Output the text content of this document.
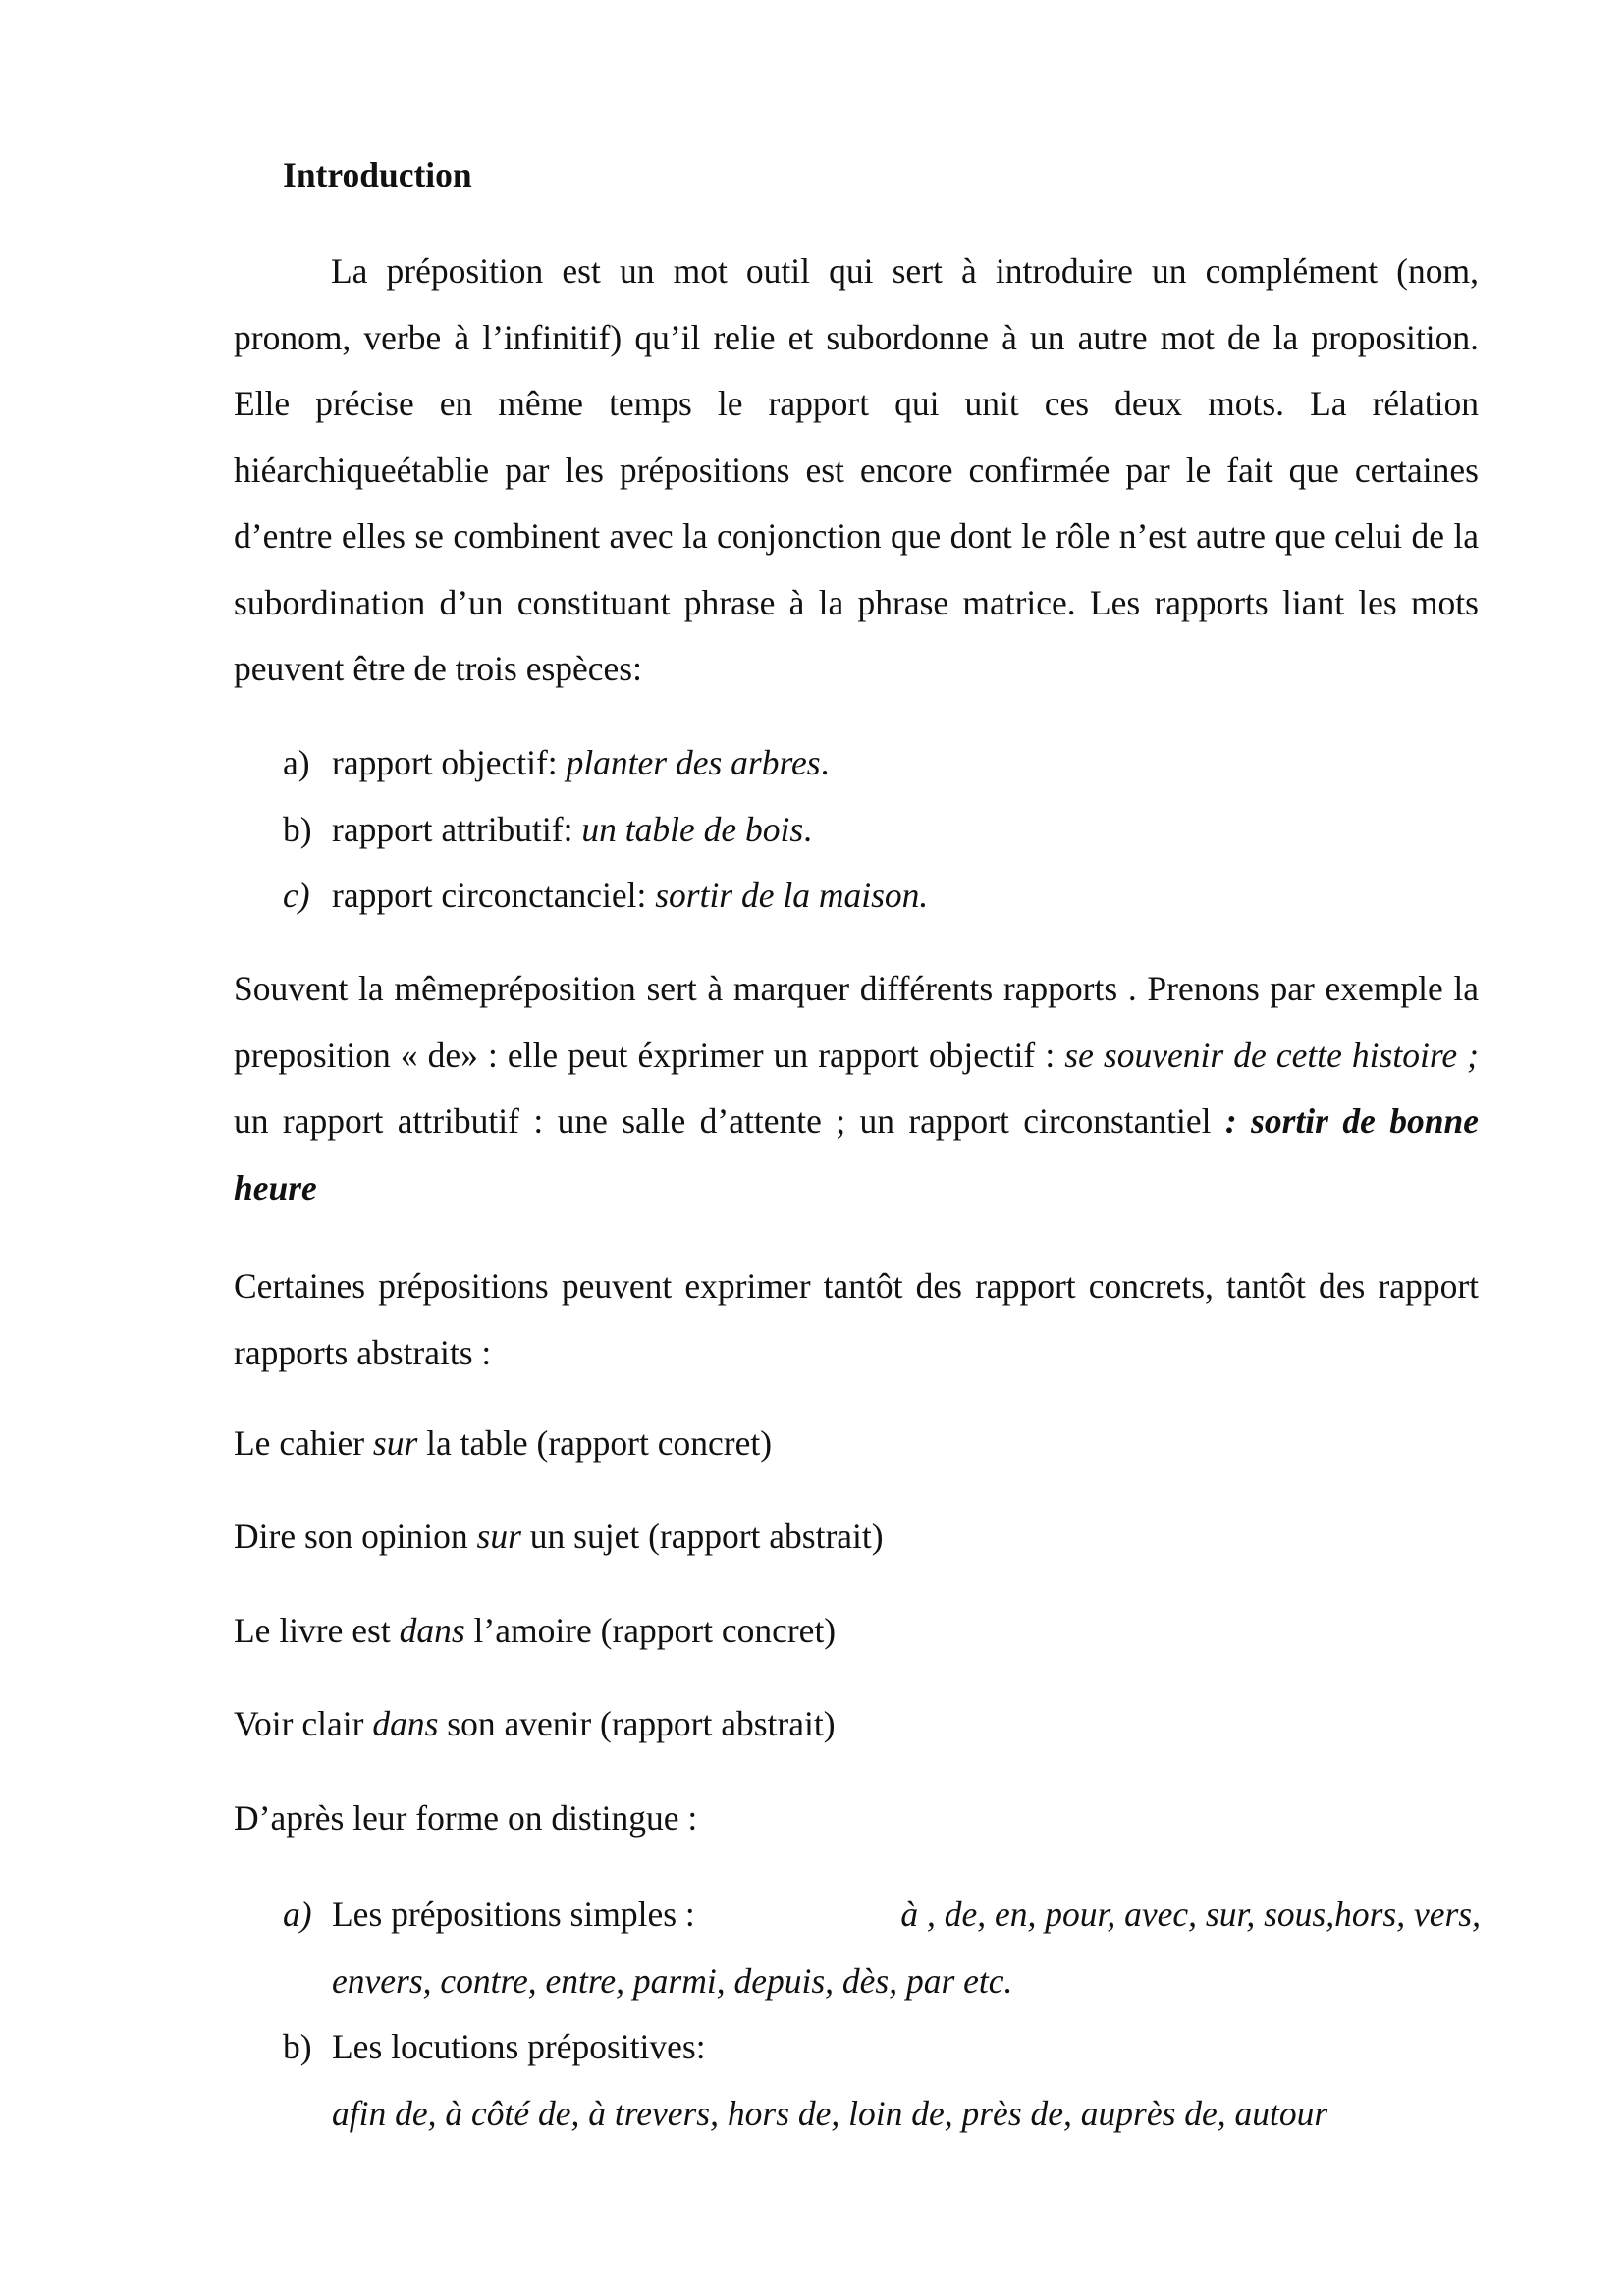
Introduction

La préposition est un mot outil qui sert à introduire un complément (nom, pronom, verbe à l’infinitif) qu’il relie et subordonne à un autre mot de la proposition. Elle précise en même temps le rapport qui unit ces deux mots. La rélation hiéarchiqueétablie par les prépositions est encore confirmée par le fait que certaines d’entre elles se combinent avec la conjonction que dont le rôle n’est autre que celui de la subordination d’un constituant phrase à la phrase matrice. Les rapports liant les mots peuvent être de trois espèces:

a) rapport objectif: planter des arbres.
b) rapport attributif: un table de bois.
c) rapport circonctanciel: sortir de la maison.

Souvent la mêmepréposition sert à marquer différents rapports . Prenons par exemple la preposition « de» : elle peut éxprimer un rapport objectif : se souvenir de cette histoire ;  un rapport attributif : une salle d’attente ; un rapport circonstantiel : sortir de bonne heure

Certaines prépositions peuvent exprimer tantôt des rapport concrets, tantôt des rapport rapports abstraits :

Le cahier sur la table (rapport concret)

Dire son opinion sur un sujet (rapport abstrait)

Le livre est dans l’amoire (rapport concret)

Voir clair dans son avenir (rapport abstrait)

D’après leur forme on distingue :

a) Les prépositions simples :	à , de, en, pour, avec, sur, sous,hors, vers,
envers, contre, entre, parmi, depuis, dès, par etc.
b) Les locutions prépositives:
afin de, à côté de, à trevers, hors de, loin de, près de, auprès de, autour
